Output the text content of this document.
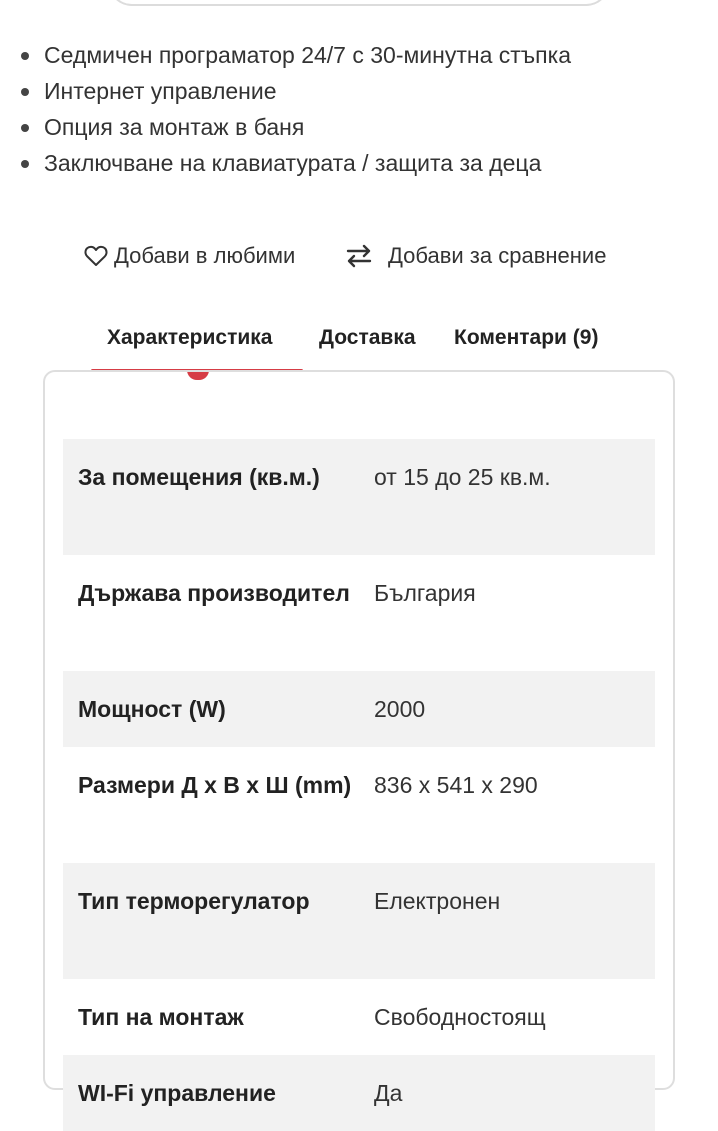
Седмичен програматор 24/7 с 30-минутна стъпка
Интернет управление
Опция за монтаж в баня
Заключване на клавиатурата / защита за деца
Добави в любими	Добави за сравнение
Характеристика Доставка Коментари (9)
За помещения (кв.м.)	от 15 до 25 кв.м.
Държава производител	България
Мощност (W)	2000
Размери Д x В x Ш (mm)	836 x 541 x 290
Тип терморегулатор	Електронен
Тип на монтаж	Свободностоящ
WI-Fi управление	Да
